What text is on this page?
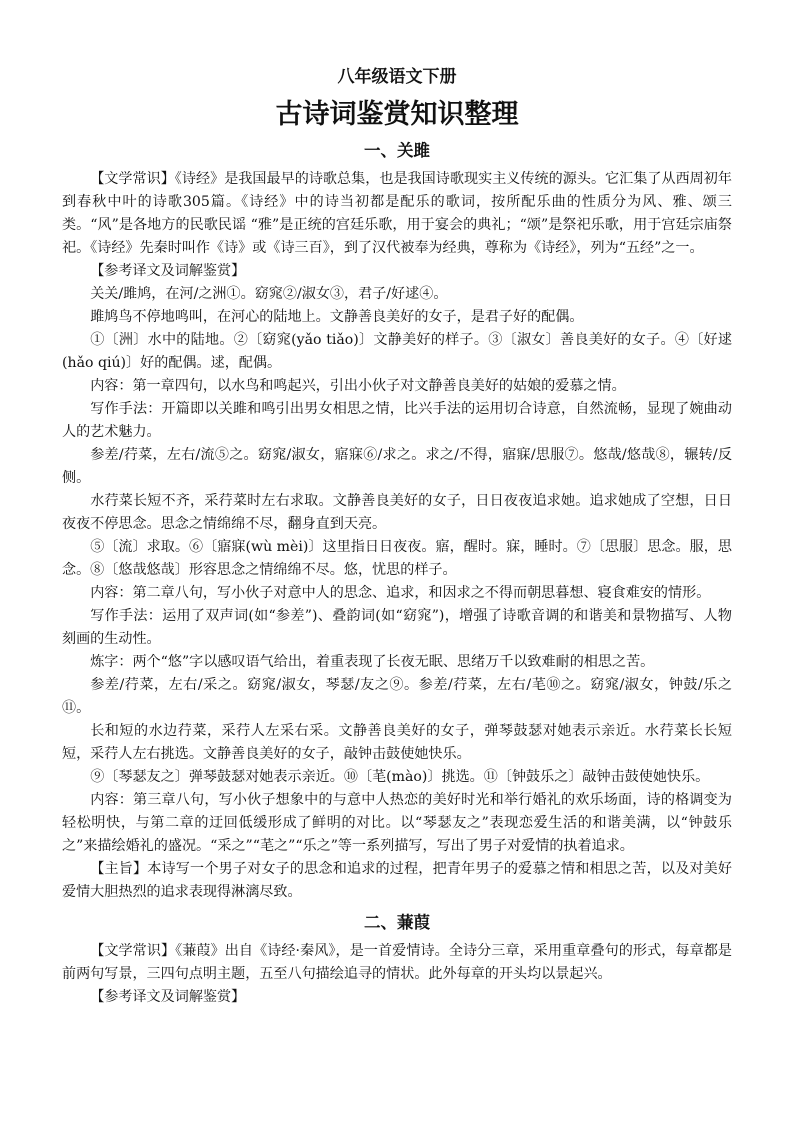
八年级语文下册
古诗词鉴赏知识整理
一、关雎

【文学常识】《诗经》是我国最早的诗歌总集，也是我国诗歌现实主义传统的源头。它汇集了从西周初年到春秋中叶的诗歌305篇。《诗经》中的诗当初都是配乐的歌词，按所配乐曲的性质分为风、雅、颂三类。“风”是各地方的民歌民谣 “雅”是正统的宫廷乐歌，用于宴会的典礼；“颂”是祭祀乐歌，用于宫廷宗庙祭祀。《诗经》先秦时叫作《诗》或《诗三百》，到了汉代被奉为经典，尊称为《诗经》，列为“五经”之一。

【参考译文及词解鉴赏】

关关/雎鸠，在河/之洲①。窈窕②/淑女③，君子/好逑④。

雎鸠鸟不停地鸣叫，在河心的陆地上。文静善良美好的女子，是君子好的配偶。

①〔洲〕水中的陆地。②〔窈窕(yǎo tiǎo)〕文静美好的样子。③〔淑女〕善良美好的女子。④〔好逑(hǎo qiú)〕好的配偶。逑，配偶。

内容：第一章四句，以水鸟和鸣起兴，引出小伙子对文静善良美好的姑娘的爱慕之情。

写作手法：开篇即以关雎和鸣引出男女相思之情，比兴手法的运用切合诗意，自然流畅，显现了婉曲动人的艺术魅力。

参差/荇菜，左右/流⑤之。窈窕/淑女，寤寐⑥/求之。求之/不得，寤寐/思服⑦。悠哉/悠哉⑧，辗转/反侧。

水荇菜长短不齐，采荇菜时左右求取。文静善良美好的女子，日日夜夜追求她。追求她成了空想，日日夜夜不停思念。思念之情绵绵不尽，翻身直到天亮。

⑤〔流〕求取。⑥〔寤寐(wù mèi)〕这里指日日夜夜。寤，醒时。寐，睡时。⑦〔思服〕思念。服，思念。⑧〔悠哉悠哉〕形容思念之情绵绵不尽。悠，忧思的样子。

内容：第二章八句，写小伙子对意中人的思念、追求，和因求之不得而朝思暮想、寝食难安的情形。

写作手法：运用了双声词(如“参差”)、叠韵词(如“窈窕”)，增强了诗歌音调的和谐美和景物描写、人物刻画的生动性。

炼字：两个“悠”字以感叹语气给出，着重表现了长夜无眠、思绪万千以致难耐的相思之苦。

参差/荇菜，左右/采之。窈窕/淑女，琴瑟/友之⑨。参差/荇菜，左右/芼⑩之。窈窕/淑女，钟鼓/乐之⑪。

长和短的水边荇菜，采荇人左采右采。文静善良美好的女子，弹琴鼓瑟对她表示亲近。水荇菜长长短短，采荇人左右挑选。文静善良美好的女子，敲钟击鼓使她快乐。

⑨〔琴瑟友之〕弹琴鼓瑟对她表示亲近。⑩〔芼(mào)〕挑选。⑪〔钟鼓乐之〕敲钟击鼓使她快乐。

内容：第三章八句，写小伙子想象中的与意中人热恋的美好时光和举行婚礼的欢乐场面，诗的格调变为轻松明快，与第二章的迂回低缓形成了鲜明的对比。以“琴瑟友之”表现恋爱生活的和谐美满，以“钟鼓乐之”来描绘婚礼的盛况。“采之”“芼之”“乐之”等一系列描写，写出了男子对爱情的执着追求。

【主旨】本诗写一个男子对女子的思念和追求的过程，把青年男子的爱慕之情和相思之苦，以及对美好爱情大胆热烈的追求表现得淋漓尽致。

二、蒹葭

【文学常识】《蒹葭》出自《诗经·秦风》，是一首爱情诗。全诗分三章，采用重章叠句的形式，每章都是前两句写景，三四句点明主题，五至八句描绘追寻的情状。此外每章的开头均以景起兴。

【参考译文及词解鉴赏】
